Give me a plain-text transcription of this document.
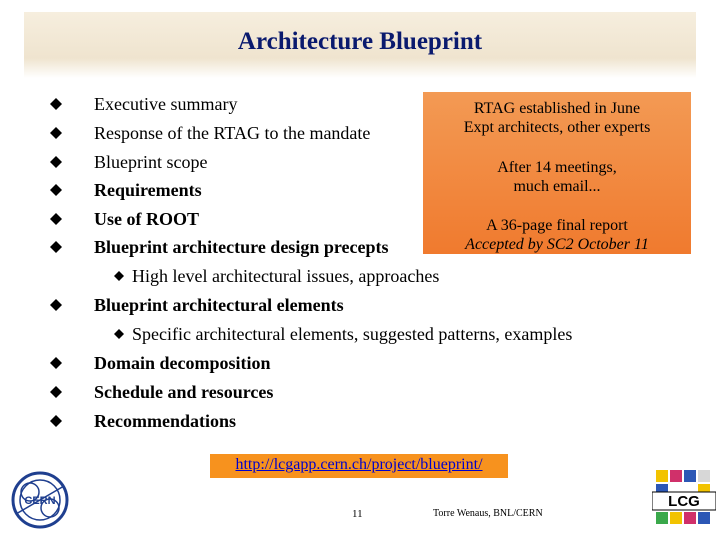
Architecture Blueprint
Executive summary
Response of the RTAG to the mandate
Blueprint scope
Requirements
Use of ROOT
Blueprint architecture design precepts
High level architectural issues, approaches
Blueprint architectural elements
Specific architectural elements, suggested patterns, examples
Domain decomposition
Schedule and resources
Recommendations
RTAG established in June
Expt architects, other experts
After 14 meetings,
much email...
A 36-page final report
Accepted by SC2 October 11
http://lcgapp.cern.ch/project/blueprint/
11	Torre Wenaus, BNL/CERN
CERN	LCG
